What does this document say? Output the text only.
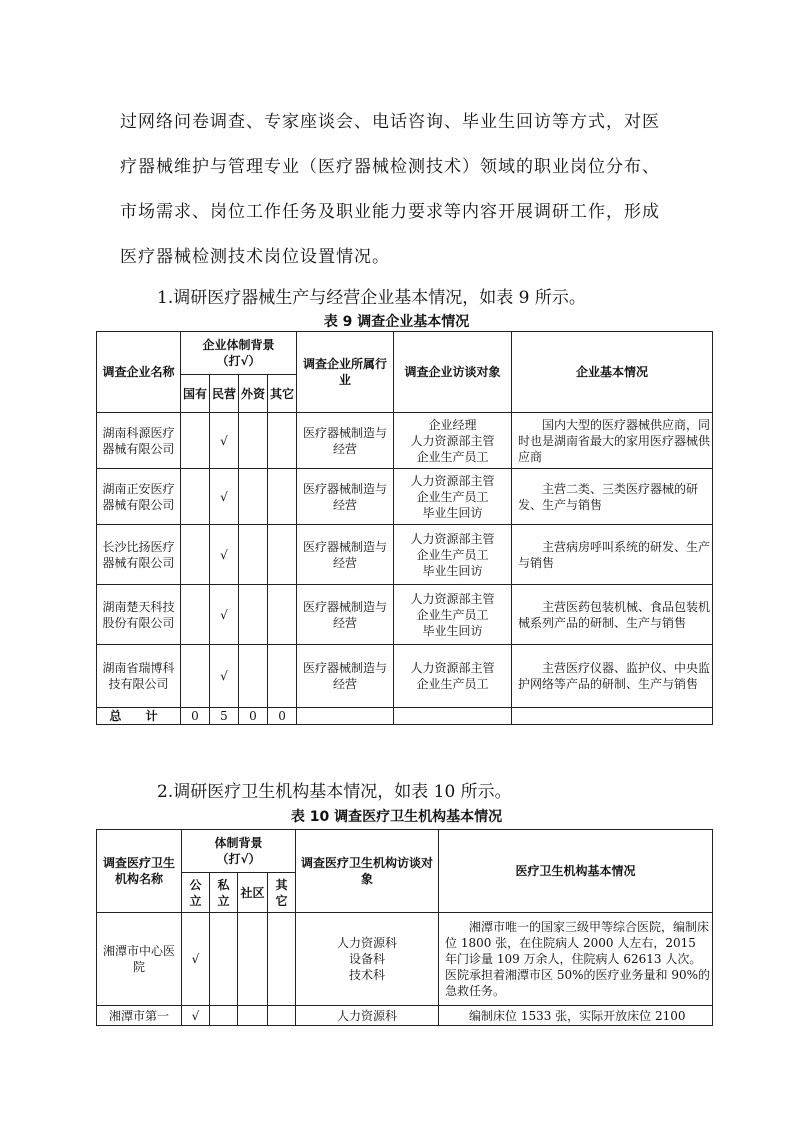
过网络问卷调查、专家座谈会、电话咨询、毕业生回访等方式，对医
疗器械维护与管理专业（医疗器械检测技术）领域的职业岗位分布、
市场需求、岗位工作任务及职业能力要求等内容开展调研工作，形成
医疗器械检测技术岗位设置情况。
1.调研医疗器械生产与经营企业基本情况，如表 9 所示。
表 9 调查企业基本情况
调查企业名称	企业体制背景
（打√）				调查企业所属行业	调查企业访谈对象	企业基本情况
	国有	民营	外资	其它			
湖南科源医疗器械有限公司		√			医疗器械制造与经营	企业经理
人力资源部主管
企业生产员工	国内大型的医疗器械供应商，同时也是湖南省最大的家用医疗器械供应商
湖南正安医疗器械有限公司		√			医疗器械制造与经营	人力资源部主管
企业生产员工
毕业生回访	主营二类、三类医疗器械的研发、生产与销售
长沙比扬医疗器械有限公司		√			医疗器械制造与经营	人力资源部主管
企业生产员工
毕业生回访	主营病房呼叫系统的研发、生产与销售
湖南楚天科技股份有限公司		√			医疗器械制造与经营	人力资源部主管
企业生产员工
毕业生回访	主营医药包装机械、食品包装机械系列产品的研制、生产与销售
湖南省瑞博科技有限公司		√			医疗器械制造与经营	人力资源部主管
企业生产员工	主营医疗仪器、监护仪、中央监护网络等产品的研制、生产与销售
总 计	0	5	0	0			
2.调研医疗卫生机构基本情况，如表 10 所示。
表 10 调查医疗卫生机构基本情况
调查医疗卫生机构名称	体制背景
（打√）				调查医疗卫生机构访谈对象	医疗卫生机构基本情况
	公立	私立	社区	其它		
湘潭市中心医院	√				人力资源科
设备科
技术科	湘潭市唯一的国家三级甲等综合医院，编制床位 1800 张，在住院病人 2000 人左右，2015 年门诊量 109 万余人，住院病人 62613 人次。医院承担着湘潭市区 50%的医疗业务量和 90%的急救任务。
湘潭市第一	√				人力资源科	编制床位 1533 张，实际开放床位 2100
